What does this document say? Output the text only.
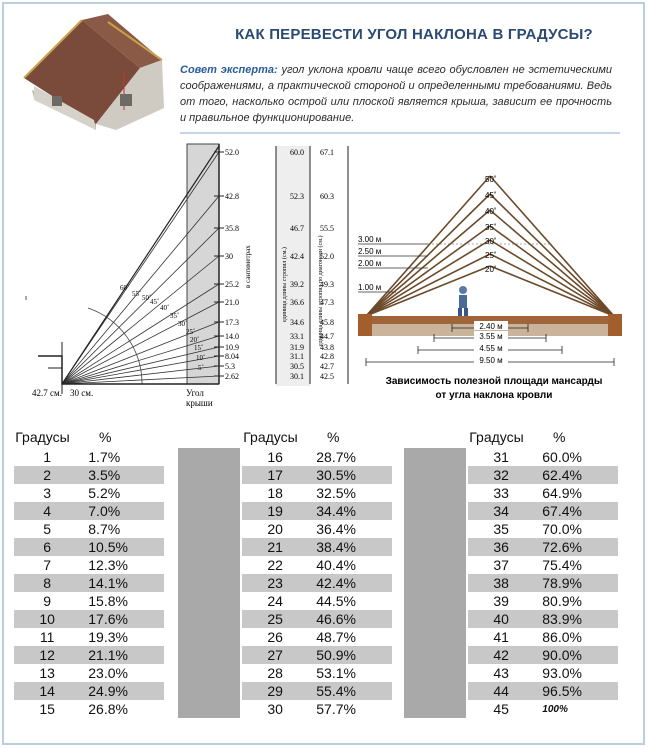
КАК ПЕРЕВЕСТИ УГОЛ НАКЛОНА В ГРАДУСЫ?
Совет эксперта: угол уклона кровли чаще всего обусловлен не эстетическими соображениями, а практической стороной и определенными требованиями. Ведь от того, насколько острой или плоской является крыша, зависит ее прочность и правильное функционирование.
52.0
42.8
35.8
30
25.2
21.0
17.3
14.0
10.9
8.04
5.3
2.62
60˚
55˚ 50˚
45˚
40˚
35˚
30˚
25˚
20˚
15˚
10˚
5˚
42.7 см. 30 см.	Угол
крыши
в сантиметрах
60.0
52.3
46.7
42.4
39.2
36.6
34.6
33.1
31.9
31.1
30.5
30.1
67.1
60.3
55.5
52.0
49.3
47.3
45.8
44.7
43.8
42.8
42.7
42.5
единица длины стропил (см.)	единица длины стропил по диагонали (см.)
50˚
45˚
40˚
35˚
30˚
25˚
20˚
3.00 м
2.50 м
2.00 м
1.00 м
2.40 м
3.55 м
4.55 м
9.50 м
Зависимость полезной площади мансарды
от угла наклона кровли
Градусы	%
1	1.7%
2	3.5%
3	5.2%
4	7.0%
5	8.7%
6	10.5%
7	12.3%
8	14.1%
9	15.8%
10	17.6%
11	19.3%
12	21.1%
13	23.0%
14	24.9%
15	26.8%
Градусы	%
16	28.7%
17	30.5%
18	32.5%
19	34.4%
20	36.4%
21	38.4%
22	40.4%
23	42.4%
24	44.5%
25	46.6%
26	48.7%
27	50.9%
28	53.1%
29	55.4%
30	57.7%
Градусы	%
31	60.0%
32	62.4%
33	64.9%
34	67.4%
35	70.0%
36	72.6%
37	75.4%
38	78.9%
39	80.9%
40	83.9%
41	86.0%
42	90.0%
43	93.0%
44	96.5%
45	100%
